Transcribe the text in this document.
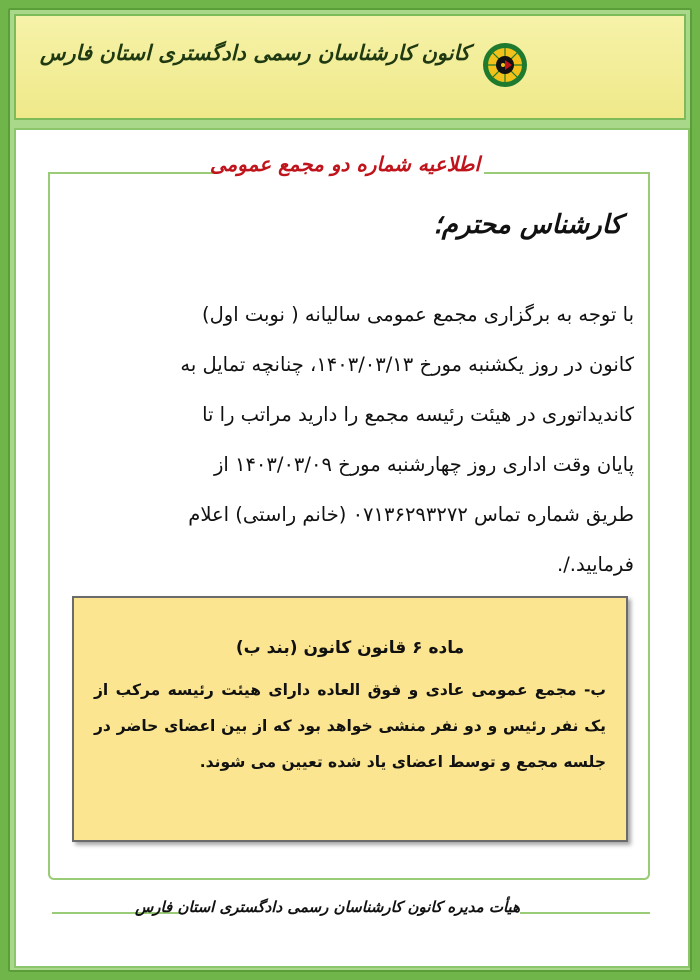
کانون کارشناسان رسمی دادگستری استان فارس
اطلاعیه شماره دو مجمع عمومی
کارشناس محترم؛

با توجه به برگزاری مجمع عمومی سالیانه ( نوبت اول)

کانون در روز یکشنبه مورخ ۱۴۰۳/۰۳/۱۳، چنانچه تمایل به

کاندیداتوری در هیئت رئیسه مجمع را دارید مراتب را تا

پایان وقت اداری روز چهارشنبه مورخ ۱۴۰۳/۰۳/۰۹ از

طریق شماره تماس ۰۷۱۳۶۲۹۳۲۷۲ (خانم راستی) اعلام

فرمایید./.

ماده ۶ قانون کانون (بند ب)
ب- مجمع عمومی عادی و فوق العاده دارای هیئت رئیسه مرکب از یک نفر رئیس و دو نفر منشی خواهد بود که از بین اعضای حاضر در جلسه مجمع و توسط اعضای یاد شده تعیین می شوند.
هیأت مدیره کانون کارشناسان رسمی دادگستری استان فارس
